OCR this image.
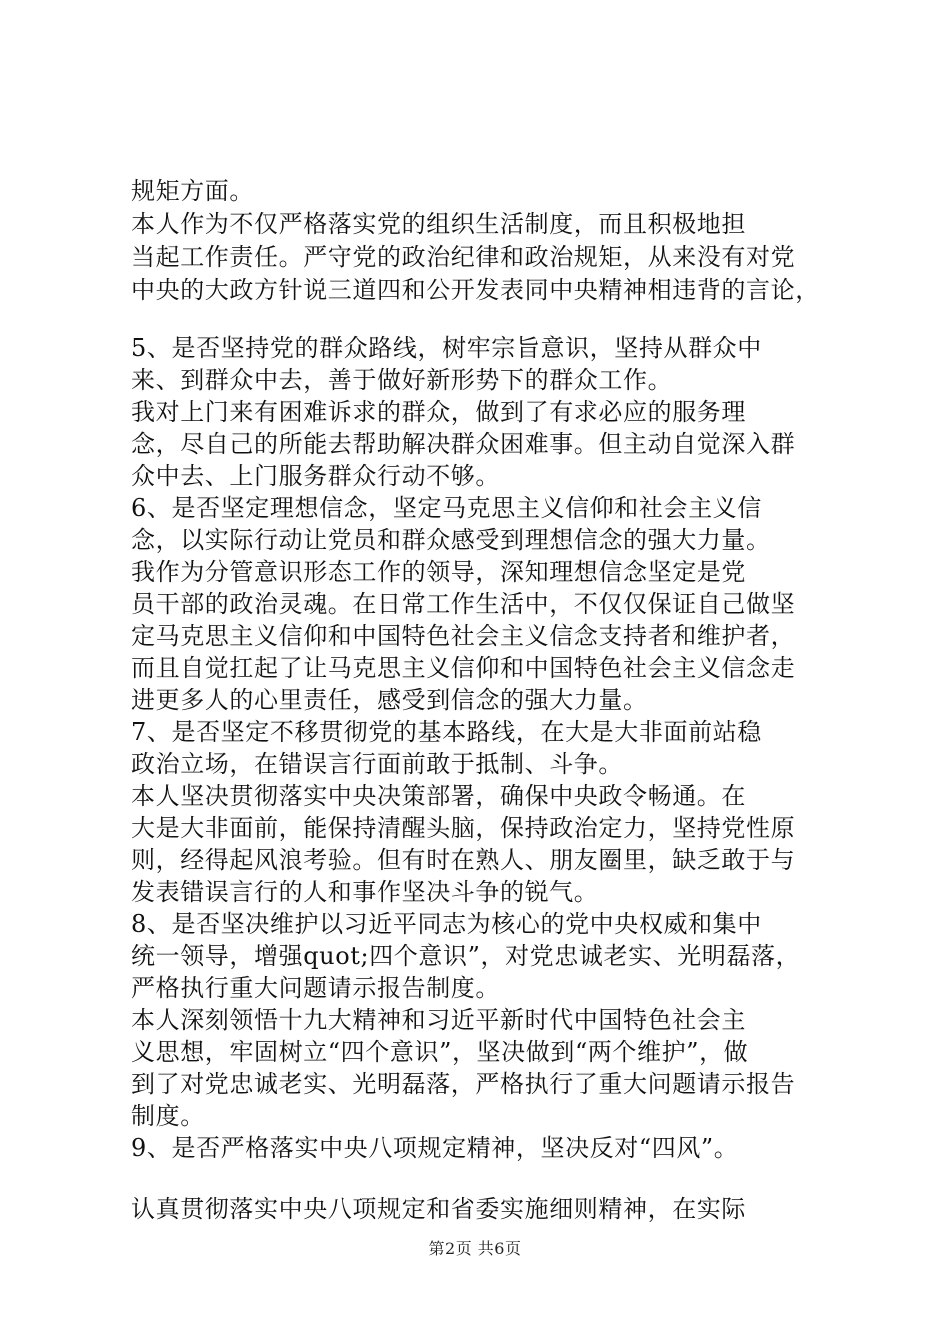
规矩方面。
本人作为不仅严格落实党的组织生活制度，而且积极地担
当起工作责任。严守党的政治纪律和政治规矩，从来没有对党
中央的大政方针说三道四和公开发表同中央精神相违背的言论，
5、是否坚持党的群众路线，树牢宗旨意识，坚持从群众中
来、到群众中去，善于做好新形势下的群众工作。
我对上门来有困难诉求的群众，做到了有求必应的服务理
念，尽自己的所能去帮助解决群众困难事。但主动自觉深入群
众中去、上门服务群众行动不够。
6、是否坚定理想信念，坚定马克思主义信仰和社会主义信
念，以实际行动让党员和群众感受到理想信念的强大力量。
我作为分管意识形态工作的领导，深知理想信念坚定是党
员干部的政治灵魂。在日常工作生活中，不仅仅保证自己做坚
定马克思主义信仰和中国特色社会主义信念支持者和维护者，
而且自觉扛起了让马克思主义信仰和中国特色社会主义信念走
进更多人的心里责任，感受到信念的强大力量。
7、是否坚定不移贯彻党的基本路线，在大是大非面前站稳
政治立场，在错误言行面前敢于抵制、斗争。
本人坚决贯彻落实中央决策部署，确保中央政令畅通。在
大是大非面前，能保持清醒头脑，保持政治定力，坚持党性原
则，经得起风浪考验。但有时在熟人、朋友圈里，缺乏敢于与
发表错误言行的人和事作坚决斗争的锐气。
8、是否坚决维护以习近平同志为核心的党中央权威和集中
统一领导，增强quot;四个意识”，对党忠诚老实、光明磊落，
严格执行重大问题请示报告制度。
本人深刻领悟十九大精神和习近平新时代中国特色社会主
义思想，牢固树立“四个意识”，坚决做到“两个维护”，做
到了对党忠诚老实、光明磊落，严格执行了重大问题请示报告
制度。
9、是否严格落实中央八项规定精神，坚决反对“四风”。
认真贯彻落实中央八项规定和省委实施细则精神，在实际
第2页 共6页
